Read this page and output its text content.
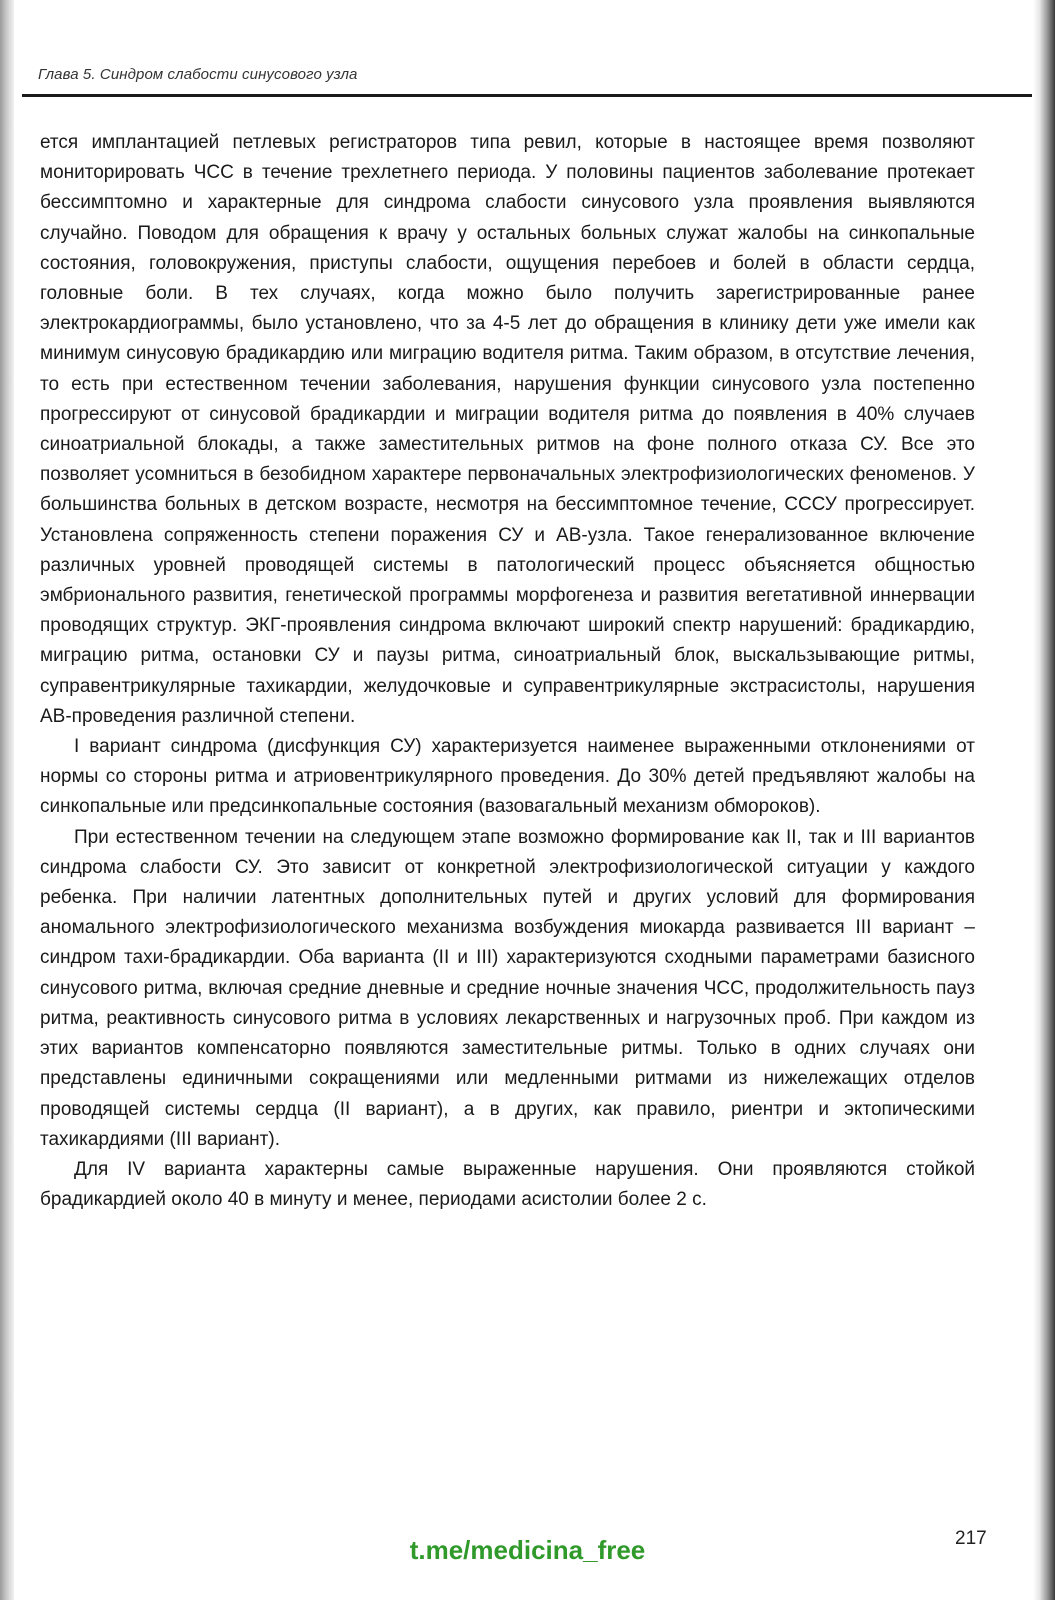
Глава 5. Синдром слабости синусового узла

ется имплантацией петлевых регистраторов типа ревил, которые в настоящее время позволяют мониторировать ЧСС в течение трехлетнего периода. У половины пациентов заболевание протекает бессимптомно и характерные для синдрома слабости синусового узла проявления выявляются случайно. Поводом для обращения к врачу у остальных больных служат жалобы на синкопальные состояния, головокружения, приступы слабости, ощущения перебоев и болей в области сердца, головные боли. В тех случаях, когда можно было получить зарегистрированные ранее электрокардиограммы, было установлено, что за 4-5 лет до обращения в клинику дети уже имели как минимум синусовую брадикардию или миграцию водителя ритма. Таким образом, в отсутствие лечения, то есть при естественном течении заболевания, нарушения функции синусового узла постепенно прогрессируют от синусовой брадикардии и миграции водителя ритма до появления в 40% случаев синоатриальной блокады, а также заместительных ритмов на фоне полного отказа СУ. Все это позволяет усомниться в безобидном характере первоначальных электрофизиологических феноменов. У большинства больных в детском возрасте, несмотря на бессимптомное течение, СССУ прогрессирует. Установлена сопряженность степени поражения СУ и АВ-узла. Такое генерализованное включение различных уровней проводящей системы в патологический процесс объясняется общностью эмбрионального развития, генетической программы морфогенеза и развития вегетативной иннервации проводящих структур. ЭКГ-проявления синдрома включают широкий спектр нарушений: брадикардию, миграцию ритма, остановки СУ и паузы ритма, синоатриальный блок, выскальзывающие ритмы, суправентрикулярные тахикардии, желудочковые и суправентрикулярные экстрасистолы, нарушения АВ-проведения различной степени.

I вариант синдрома (дисфункция СУ) характеризуется наименее выраженными отклонениями от нормы со стороны ритма и атриовентрикулярного проведения. До 30% детей предъявляют жалобы на синкопальные или предсинкопальные состояния (вазовагальный механизм обмороков).

При естественном течении на следующем этапе возможно формирование как II, так и III вариантов синдрома слабости СУ. Это зависит от конкретной электрофизиологической ситуации у каждого ребенка. При наличии латентных дополнительных путей и других условий для формирования аномального электрофизиологического механизма возбуждения миокарда развивается III вариант – синдром тахи-брадикардии. Оба варианта (II и III) характеризуются сходными параметрами базисного синусового ритма, включая средние дневные и средние ночные значения ЧСС, продолжительность пауз ритма, реактивность синусового ритма в условиях лекарственных и нагрузочных проб. При каждом из этих вариантов компенсаторно появляются заместительные ритмы. Только в одних случаях они представлены единичными сокращениями или медленными ритмами из нижележащих отделов проводящей системы сердца (II вариант), а в других, как правило, риентри и эктопическими тахикардиями (III вариант).

Для IV варианта характерны самые выраженные нарушения. Они проявляются стойкой брадикардией около 40 в минуту и менее, периодами асистолии более 2 с.

t.me/medicina_free	217
